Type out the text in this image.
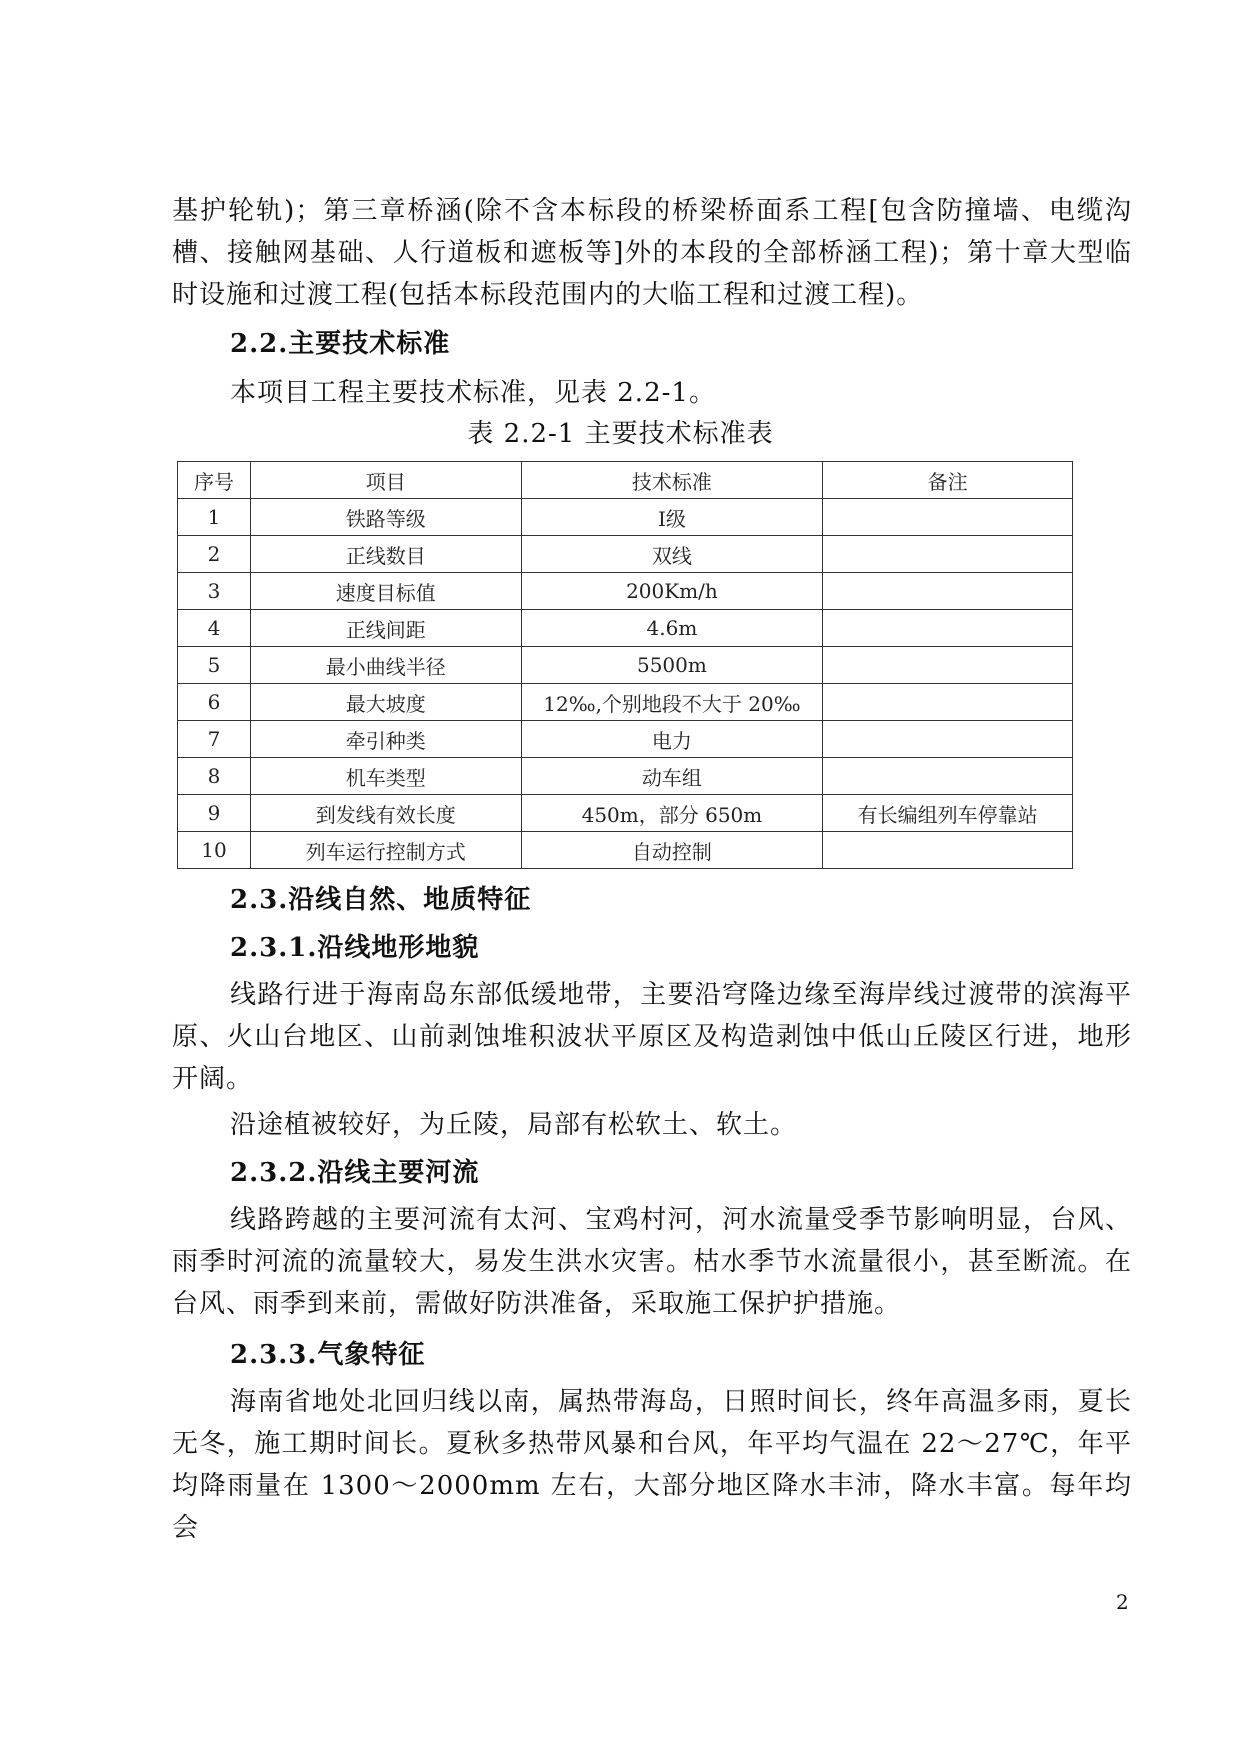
基护轮轨)；第三章桥涵(除不含本标段的桥梁桥面系工程[包含防撞墙、电缆沟槽、接触网基础、人行道板和遮板等]外的本段的全部桥涵工程)；第十章大型临时设施和过渡工程(包括本标段范围内的大临工程和过渡工程)。

2.2.主要技术标准

本项目工程主要技术标准，见表 2.2-1。

表 2.2-1 主要技术标准表
序号	项目	技术标准	备注
1	铁路等级	Ⅰ级	
2	正线数目	双线	
3	速度目标值	200Km/h	
4	正线间距	4.6m	
5	最小曲线半径	5500m	
6	最大坡度	12‰,个别地段不大于 20‰	
7	牵引种类	电力	
8	机车类型	动车组	
9	到发线有效长度	450m，部分 650m	有长编组列车停靠站
10	列车运行控制方式	自动控制	
2.3.沿线自然、地质特征
2.3.1.沿线地形地貌

线路行进于海南岛东部低缓地带，主要沿穹隆边缘至海岸线过渡带的滨海平原、火山台地区、山前剥蚀堆积波状平原区及构造剥蚀中低山丘陵区行进，地形开阔。

沿途植被较好，为丘陵，局部有松软土、软土。

2.3.2.沿线主要河流

线路跨越的主要河流有太河、宝鸡村河，河水流量受季节影响明显，台风、雨季时河流的流量较大，易发生洪水灾害。枯水季节水流量很小，甚至断流。在台风、雨季到来前，需做好防洪准备，采取施工保护护措施。

2.3.3.气象特征

海南省地处北回归线以南，属热带海岛，日照时间长，终年高温多雨，夏长无冬，施工期时间长。夏秋多热带风暴和台风，年平均气温在 22～27℃，年平均降雨量在 1300～2000mm 左右，大部分地区降水丰沛，降水丰富。每年均会

2
